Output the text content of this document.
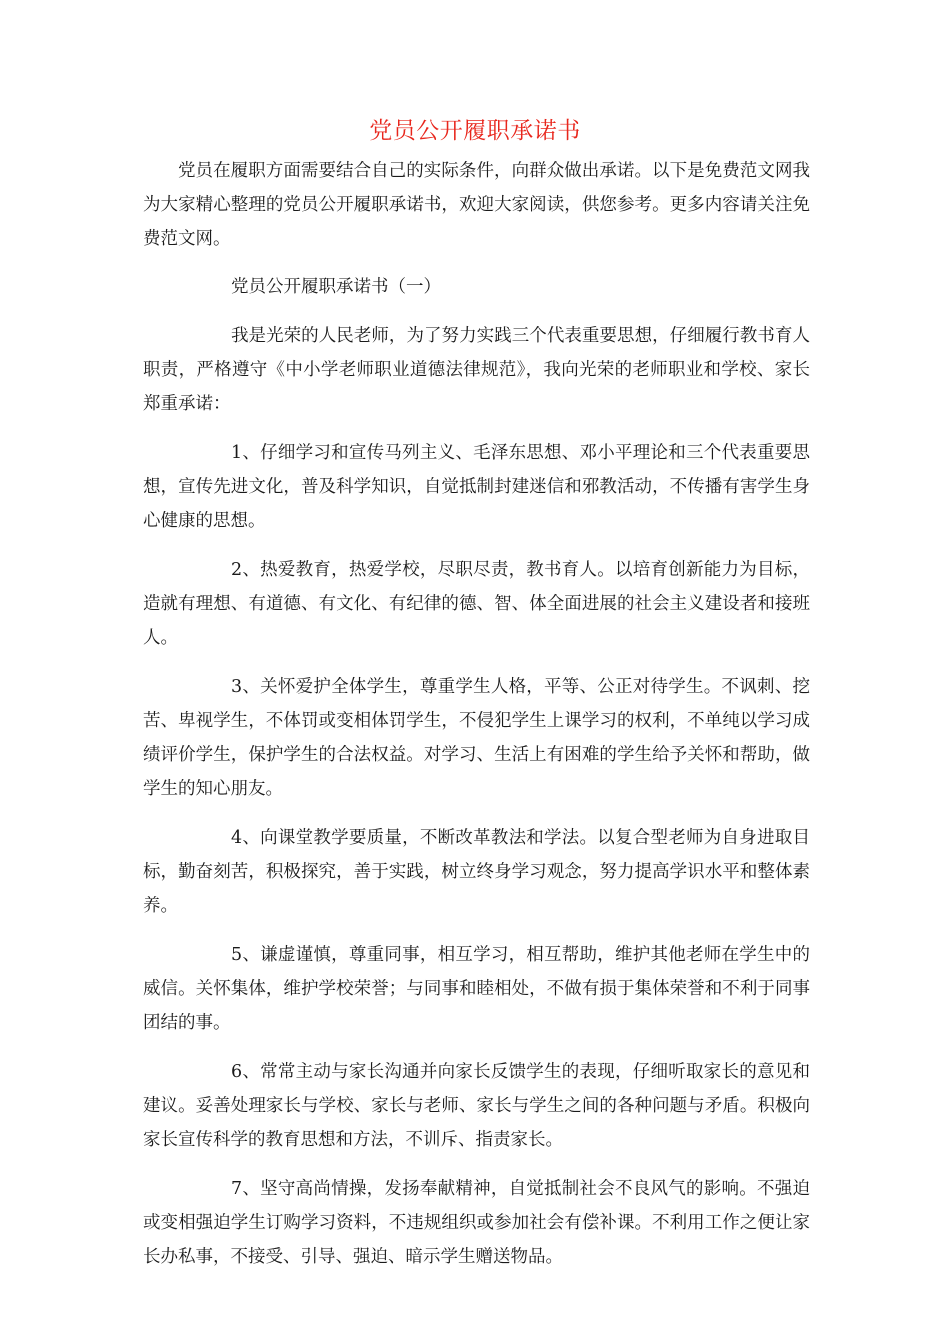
党员公开履职承诺书

党员在履职方面需要结合自己的实际条件，向群众做出承诺。以下是免费范文网我为大家精心整理的党员公开履职承诺书，欢迎大家阅读，供您参考。更多内容请关注免费范文网。

党员公开履职承诺书（一）

我是光荣的人民老师，为了努力实践三个代表重要思想，仔细履行教书育人职责，严格遵守《中小学老师职业道德法律规范》，我向光荣的老师职业和学校、家长郑重承诺：

1、仔细学习和宣传马列主义、毛泽东思想、邓小平理论和三个代表重要思想，宣传先进文化，普及科学知识，自觉抵制封建迷信和邪教活动，不传播有害学生身心健康的思想。

2、热爱教育，热爱学校，尽职尽责，教书育人。以培育创新能力为目标，造就有理想、有道德、有文化、有纪律的德、智、体全面进展的社会主义建设者和接班人。

3、关怀爱护全体学生，尊重学生人格，平等、公正对待学生。不讽刺、挖苦、卑视学生，不体罚或变相体罚学生，不侵犯学生上课学习的权利，不单纯以学习成绩评价学生，保护学生的合法权益。对学习、生活上有困难的学生给予关怀和帮助，做学生的知心朋友。

4、向课堂教学要质量，不断改革教法和学法。以复合型老师为自身进取目标，勤奋刻苦，积极探究，善于实践，树立终身学习观念，努力提高学识水平和整体素养。

5、谦虚谨慎，尊重同事，相互学习，相互帮助，维护其他老师在学生中的威信。关怀集体，维护学校荣誉；与同事和睦相处，不做有损于集体荣誉和不利于同事团结的事。

6、常常主动与家长沟通并向家长反馈学生的表现，仔细听取家长的意见和建议。妥善处理家长与学校、家长与老师、家长与学生之间的各种问题与矛盾。积极向家长宣传科学的教育思想和方法，不训斥、指责家长。

7、坚守高尚情操，发扬奉献精神，自觉抵制社会不良风气的影响。不强迫或变相强迫学生订购学习资料，不违规组织或参加社会有偿补课。不利用工作之便让家长办私事，不接受、引导、强迫、暗示学生赠送物品。
